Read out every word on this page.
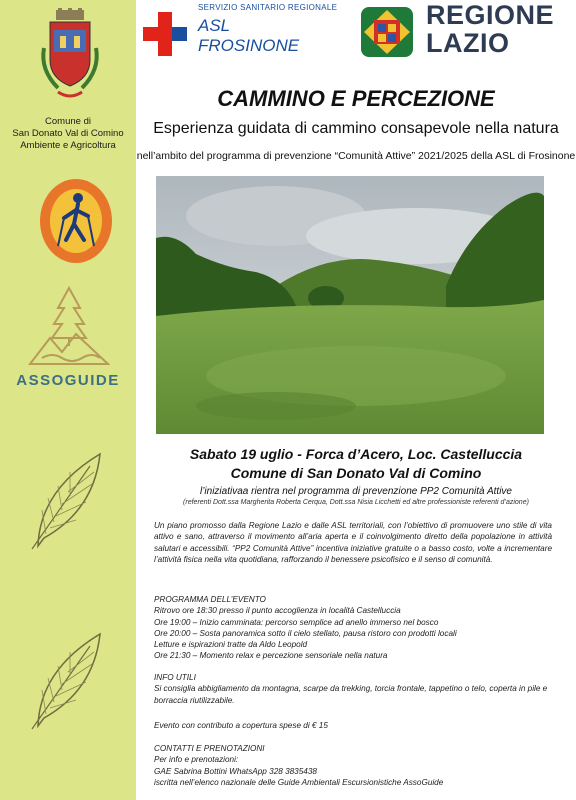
Comune di
San Donato Val di Comino
Ambiente e Agricoltura
ASSOGUIDE
SERVIZIO SANITARIO REGIONALE
ASL
FROSINONE
REGIONE
LAZIO
CAMMINO E PERCEZIONE
Esperienza guidata di cammino consapevole nella natura
nell’ambito del programma di prevenzione “Comunità Attive” 2021/2025 della ASL di Frosinone
Sabato 19 uglio - Forca d’Acero, Loc. Castelluccia
Comune di San Donato Val di Comino
l’iniziativaa rientra nel programma di prevenzione PP2 Comunità Attive
(referenti Dott.ssa Margherita Roberta Cerqua, Dott.ssa Nisia Licchetti ed altre professioniste referenti d’azione)
Un piano promosso dalla Regione Lazio e dalle ASL territoriali, con l’obiettivo di promuovere uno stile di vita attivo e sano, attraverso il movimento all’aria aperta e il coinvolgimento diretto della popolazione in attività salutari e accessibili. “PP2 Comunità Attive” incentiva iniziative gratuite o a basso costo, volte a incrementare l’attività fisica nella vita quotidiana, rafforzando il benessere psicofisico e il senso di comunità.
PROGRAMMA DELL’EVENTO
Ritrovo ore 18:30 presso il punto accoglienza in località Castelluccia
Ore 19:00 – Inizio camminata: percorso semplice ad anello immerso nel bosco
Ore 20:00 – Sosta panoramica sotto il cielo stellato, pausa ristoro con prodotti locali
Letture e ispirazioni tratte da Aldo Leopold
Ore 21:30 – Momento relax e percezione sensoriale nella natura
INFO UTILI
Si consiglia abbigliamento da montagna, scarpe da trekking, torcia frontale, tappetino o telo, coperta in pile e borraccia riutilizzabile.
Evento con contributo a copertura spese di € 15
CONTATTI E PRENOTAZIONI
Per info e prenotazioni:
GAE Sabrina Bottini WhatsApp 328 3835438
iscritta nell’elenco nazionale delle Guide Ambientali Escursionistiche AssoGuide
